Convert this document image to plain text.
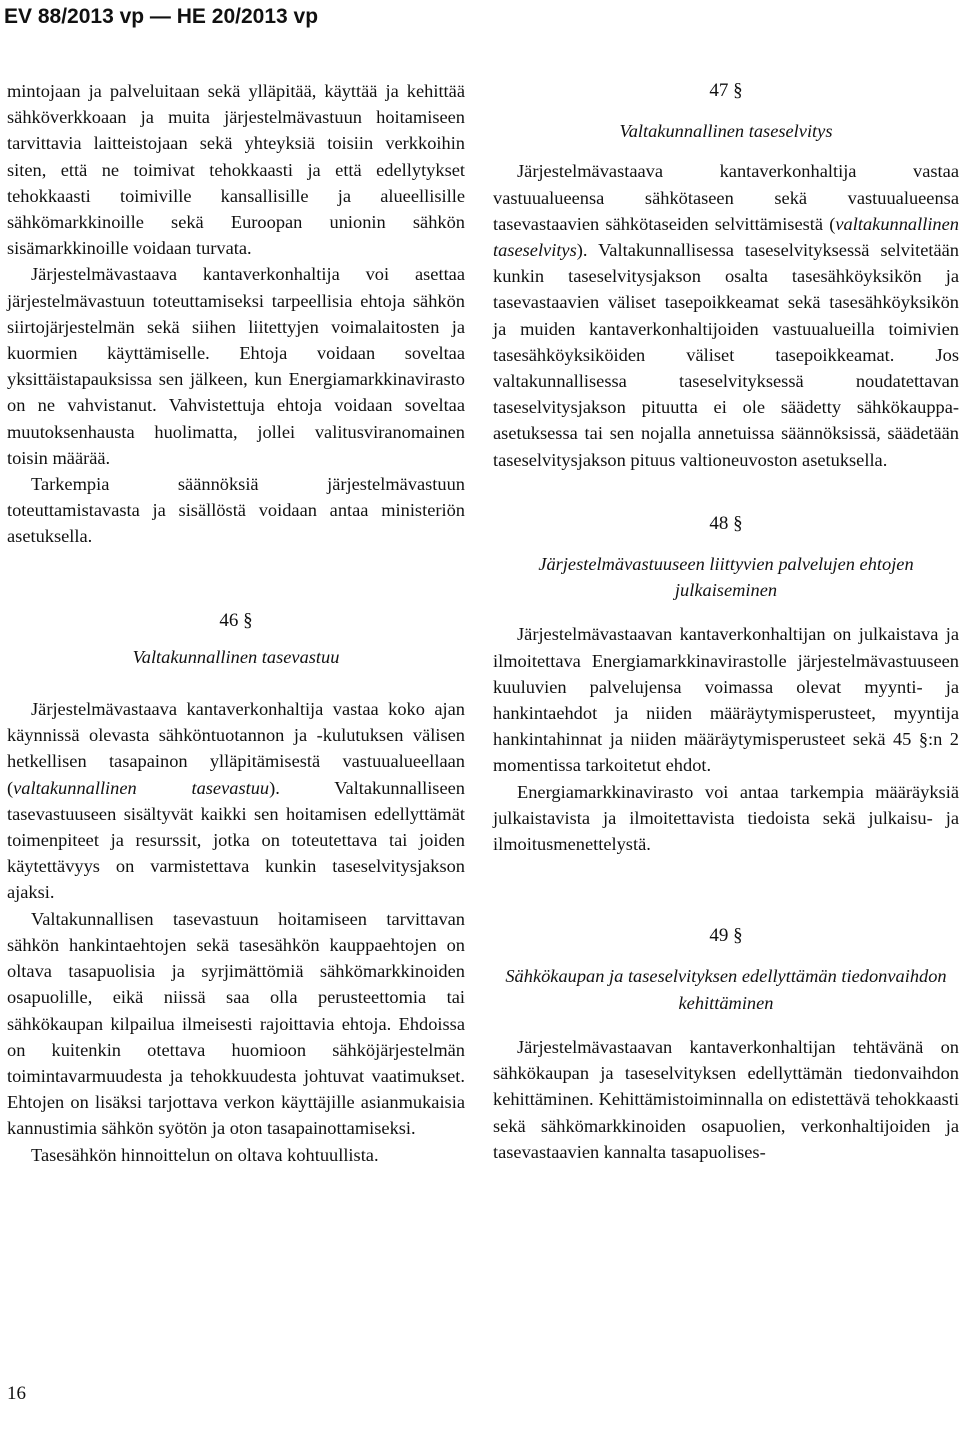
EV 88/2013 vp — HE 20/2013 vp

mintojaan ja palveluitaan sekä ylläpitää, käyttää ja kehittää sähköverkkoaan ja muita järjestelmävastuun hoitamiseen tarvittavia laitteistojaan sekä yhteyksiä toisiin verkkoihin siten, että ne toimivat tehokkaasti ja että edellytykset tehokkaasti toimiville kansallisille ja alueellisille sähkömarkkinoille sekä Euroopan unionin sähkön sisämarkkinoille voidaan turvata.

Järjestelmävastaava kantaverkonhaltija voi asettaa järjestelmävastuun toteuttamiseksi tarpeellisia ehtoja sähkön siirtojärjestelmän sekä siihen liitettyjen voimalaitosten ja kuormien käyttämiselle. Ehtoja voidaan soveltaa yksittäistapauksissa sen jälkeen, kun Energiamarkkinavirasto on ne vahvistanut. Vahvistettuja ehtoja voidaan soveltaa muutoksenhausta huolimatta, jollei valitusviranomainen toisin määrää.

Tarkempia säännöksiä järjestelmävastuun toteuttamistavasta ja sisällöstä voidaan antaa ministeriön asetuksella.

46 §

Valtakunnallinen tasevastuu

Järjestelmävastaava kantaverkonhaltija vastaa koko ajan käynnissä olevasta sähköntuotannon ja -kulutuksen välisen hetkellisen tasapainon ylläpitämisestä vastuualueellaan (valtakunnallinen tasevastuu). Valtakunnalliseen tasevastuuseen sisältyvät kaikki sen hoitamisen edellyttämät toimenpiteet ja resurssit, jotka on toteutettava tai joiden käytettävyys on varmistettava kunkin taseselvitysjakson ajaksi.

Valtakunnallisen tasevastuun hoitamiseen tarvittavan sähkön hankintaehtojen sekä tasesähkön kauppaehtojen on oltava tasapuolisia ja syrjimättömiä sähkömarkkinoiden osapuolille, eikä niissä saa olla perusteettomia tai sähkökaupan kilpailua ilmeisesti rajoittavia ehtoja. Ehdoissa on kuitenkin otettava huomioon sähköjärjestelmän toimintavarmuudesta ja tehokkuudesta johtuvat vaatimukset. Ehtojen on lisäksi tarjottava verkon käyttäjille asianmukaisia kannustimia sähkön syötön ja oton tasapainottamiseksi.

Tasesähkön hinnoittelun on oltava kohtuullista.

47 §

Valtakunnallinen taseselvitys

Järjestelmävastaava kantaverkonhaltija vastaa vastuualueensa sähkötaseen sekä vastuualueensa tasevastaavien sähkötaseiden selvittämisestä (valtakunnallinen taseselvitys). Valtakunnallisessa taseselvityksessä selvitetään kunkin taseselvitysjakson osalta tasesähköyksikön ja tasevastaavien väliset tasepoikkeamat sekä tasesähköyksikön ja muiden kantaverkonhaltijoiden vastuualueilla toimivien tasesähköyksiköiden väliset tasepoikkeamat. Jos valtakunnallisessa taseselvityksessä noudatettavan taseselvitysjakson pituutta ei ole säädetty sähkökauppa-asetuksessa tai sen nojalla annetuissa säännöksissä, säädetään taseselvitysjakson pituus valtioneuvoston asetuksella.

48 §

Järjestelmävastuuseen liittyvien palvelujen ehtojen julkaiseminen

Järjestelmävastaavan kantaverkonhaltijan on julkaistava ja ilmoitettava Energiamarkkinavirastolle järjestelmävastuuseen kuuluvien palvelujensa voimassa olevat myynti- ja hankintaehdot ja niiden määräytymisperusteet, myyntija hankintahinnat ja niiden määräytymisperusteet sekä 45 §:n 2 momentissa tarkoitetut ehdot.

Energiamarkkinavirasto voi antaa tarkempia määräyksiä julkaistavista ja ilmoitettavista tiedoista sekä julkaisu- ja ilmoitusmenettelystä.

49 §

Sähkökaupan ja taseselvityksen edellyttämän tiedonvaihdon kehittäminen

Järjestelmävastaavan kantaverkonhaltijan tehtävänä on sähkökaupan ja taseselvityksen edellyttämän tiedonvaihdon kehittäminen. Kehittämistoiminnalla on edistettävä tehokkaasti sekä sähkömarkkinoiden osapuolien, verkonhaltijoiden ja tasevastaavien kannalta tasapuolises-

16
